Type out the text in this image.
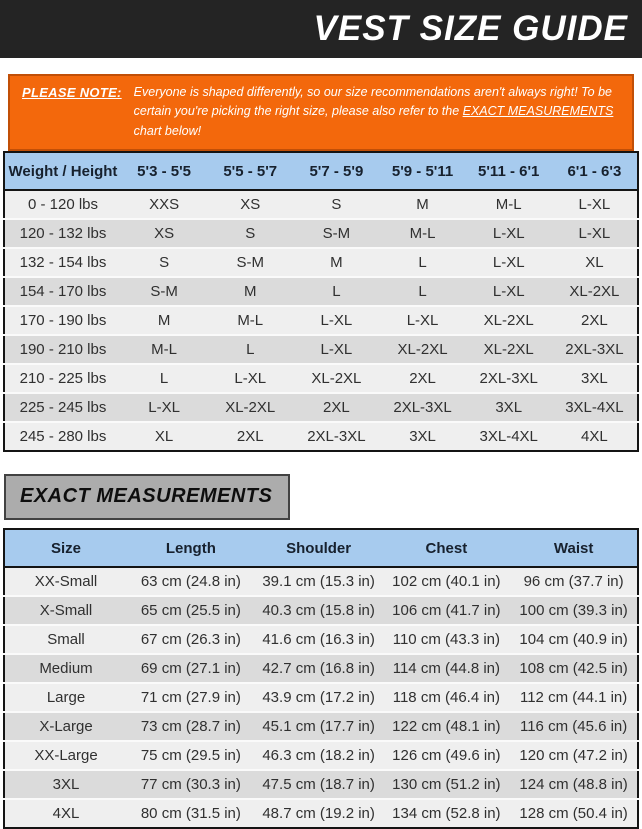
VEST SIZE GUIDE
PLEASE NOTE: Everyone is shaped differently, so our size recommendations aren't always right! To be certain you're picking the right size, please also refer to the EXACT MEASUREMENTS chart below!
Weight / Height	5'3 - 5'5	5'5 - 5'7	5'7 - 5'9	5'9 - 5'11	5'11 - 6'1	6'1 - 6'3
0 - 120 lbs	XXS	XS	S	M	M-L	L-XL
120 - 132 lbs	XS	S	S-M	M-L	L-XL	L-XL
132 - 154 lbs	S	S-M	M	L	L-XL	XL
154 - 170 lbs	S-M	M	L	L	L-XL	XL-2XL
170 - 190 lbs	M	M-L	L-XL	L-XL	XL-2XL	2XL
190 - 210 lbs	M-L	L	L-XL	XL-2XL	XL-2XL	2XL-3XL
210 - 225 lbs	L	L-XL	XL-2XL	2XL	2XL-3XL	3XL
225 - 245 lbs	L-XL	XL-2XL	2XL	2XL-3XL	3XL	3XL-4XL
245 - 280 lbs	XL	2XL	2XL-3XL	3XL	3XL-4XL	4XL
EXACT MEASUREMENTS
Size	Length	Shoulder	Chest	Waist
XX-Small	63 cm (24.8 in)	39.1 cm (15.3 in)	102 cm (40.1 in)	96 cm (37.7 in)
X-Small	65 cm (25.5 in)	40.3 cm (15.8 in)	106 cm (41.7 in)	100 cm (39.3 in)
Small	67 cm (26.3 in)	41.6 cm (16.3 in)	110 cm (43.3 in)	104 cm (40.9 in)
Medium	69 cm (27.1 in)	42.7 cm (16.8 in)	114 cm (44.8 in)	108 cm (42.5 in)
Large	71 cm (27.9 in)	43.9 cm (17.2 in)	118 cm (46.4 in)	112 cm (44.1 in)
X-Large	73 cm (28.7 in)	45.1 cm (17.7 in)	122 cm (48.1 in)	116 cm (45.6 in)
XX-Large	75 cm (29.5 in)	46.3 cm (18.2 in)	126 cm (49.6 in)	120 cm (47.2 in)
3XL	77 cm (30.3 in)	47.5 cm (18.7 in)	130 cm (51.2 in)	124 cm (48.8 in)
4XL	80 cm (31.5 in)	48.7 cm (19.2 in)	134 cm (52.8 in)	128 cm (50.4 in)
